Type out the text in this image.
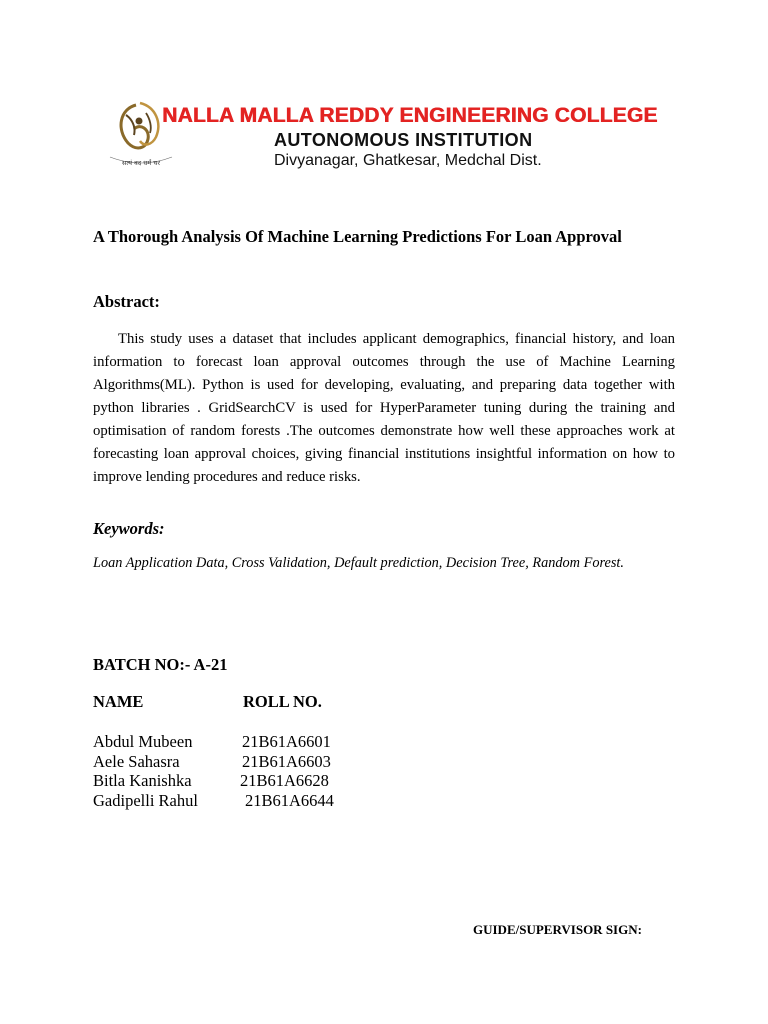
सत्यं वद धर्मं चर
NALLA MALLA REDDY ENGINEERING COLLEGE
AUTONOMOUS INSTITUTION
Divyanagar, Ghatkesar, Medchal Dist.
A Thorough Analysis Of Machine Learning Predictions For Loan Approval
Abstract:
This study uses a dataset that includes applicant demographics, financial history, and loan information to forecast loan approval outcomes through the use of Machine Learning Algorithms(ML). Python is used for developing, evaluating, and preparing data together with python libraries . GridSearchCV is used for HyperParameter tuning during the training and optimisation of random forests .The outcomes demonstrate how well these approaches work at forecasting loan approval choices, giving financial institutions insightful information on how to improve lending procedures and reduce risks.
Keywords:
Loan Application Data, Cross Validation, Default prediction, Decision Tree, Random Forest.
BATCH NO:- A-21
NAME	ROLL NO.
Abdul Mubeen	21B61A6601
Aele Sahasra	21B61A6603
Bitla Kanishka	21B61A6628
Gadipelli Rahul	21B61A6644
GUIDE/SUPERVISOR SIGN:
